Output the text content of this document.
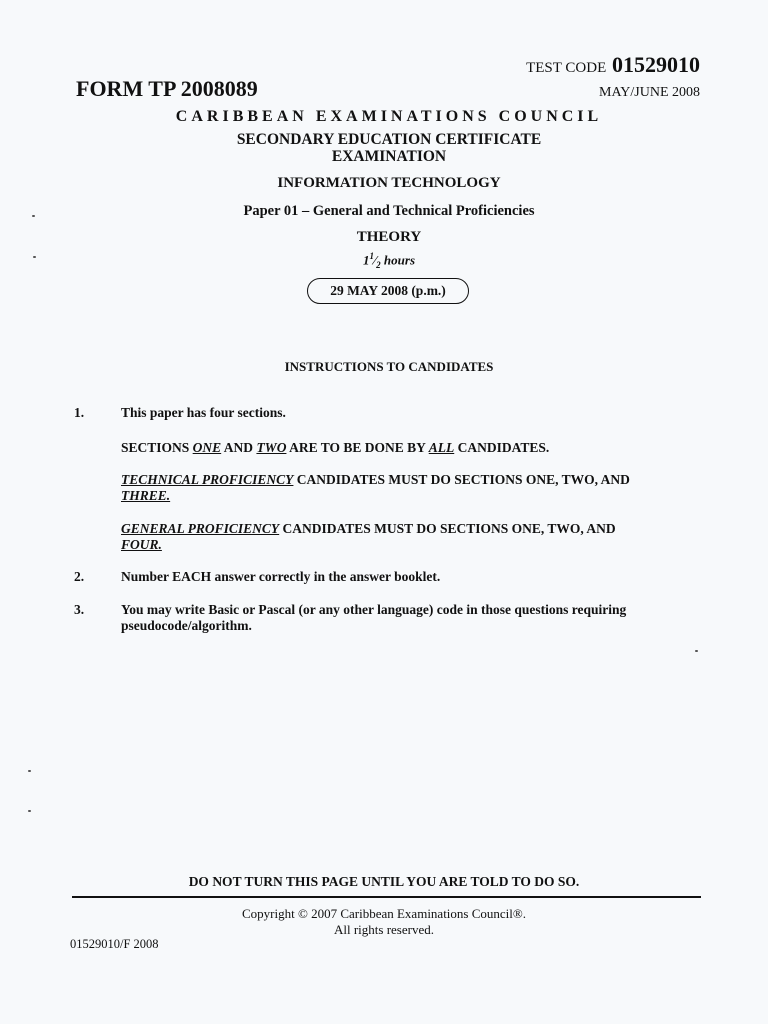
TEST CODE 01529010
FORM TP 2008089	MAY/JUNE 2008
CARIBBEAN EXAMINATIONS COUNCIL
SECONDARY EDUCATION CERTIFICATE
EXAMINATION
INFORMATION TECHNOLOGY
Paper 01 – General and Technical Proficiencies
THEORY
$1^1⁄_2$ hours
29 MAY 2008 (p.m.)
INSTRUCTIONS TO CANDIDATES
1.	This paper has four sections.
SECTIONS ONE AND TWO ARE TO BE DONE BY ALL CANDIDATES.
TECHNICAL PROFICIENCY CANDIDATES MUST DO SECTIONS ONE, TWO, AND
THREE.
GENERAL PROFICIENCY CANDIDATES MUST DO SECTIONS ONE, TWO, AND
FOUR.
2.	Number EACH answer correctly in the answer booklet.
3.	You may write Basic or Pascal (or any other language) code in those questions requiring pseudocode/algorithm.
DO NOT TURN THIS PAGE UNTIL YOU ARE TOLD TO DO SO.
Copyright © 2007 Caribbean Examinations Council®.
All rights reserved.
01529010/F 2008
